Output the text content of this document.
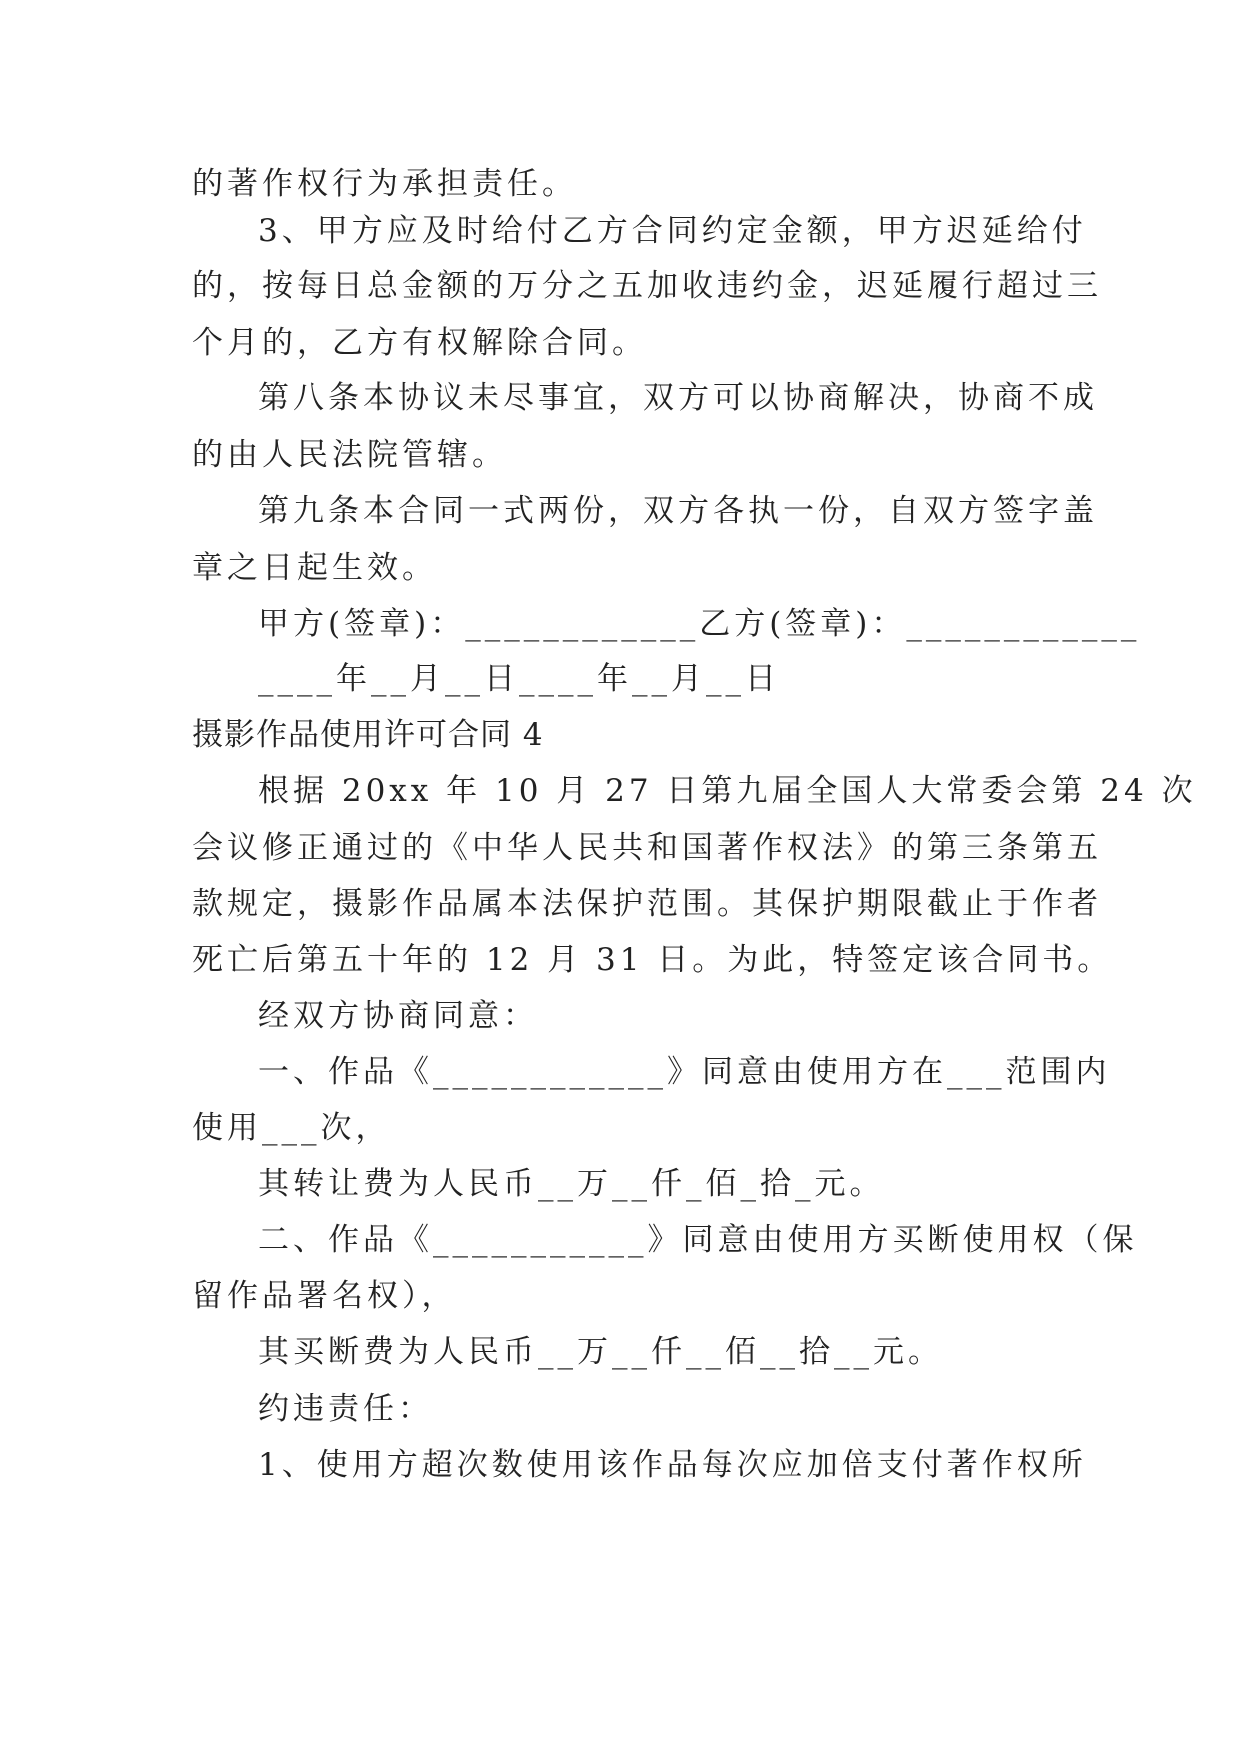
的著作权行为承担责任。
3、甲方应及时给付乙方合同约定金额，甲方迟延给付
的，按每日总金额的万分之五加收违约金，迟延履行超过三
个月的，乙方有权解除合同。
第八条本协议未尽事宜，双方可以协商解决，协商不成
的由人民法院管辖。
第九条本合同一式两份，双方各执一份，自双方签字盖
章之日起生效。
甲方(签章)：____________乙方(签章)：____________
____年__月__日____年__月__日
摄影作品使用许可合同 4
根据 20xx 年 10 月 27 日第九届全国人大常委会第 24 次
会议修正通过的《中华人民共和国著作权法》的第三条第五
款规定，摄影作品属本法保护范围。其保护期限截止于作者
死亡后第五十年的 12 月 31 日。为此，特签定该合同书。
经双方协商同意：
一、作品《____________》同意由使用方在___范围内
使用___次，
其转让费为人民币__万__仟_佰_拾_元。
二、作品《___________》同意由使用方买断使用权（保
留作品署名权），
其买断费为人民币__万__仟__佰__拾__元。
约违责任：
1、使用方超次数使用该作品每次应加倍支付著作权所
